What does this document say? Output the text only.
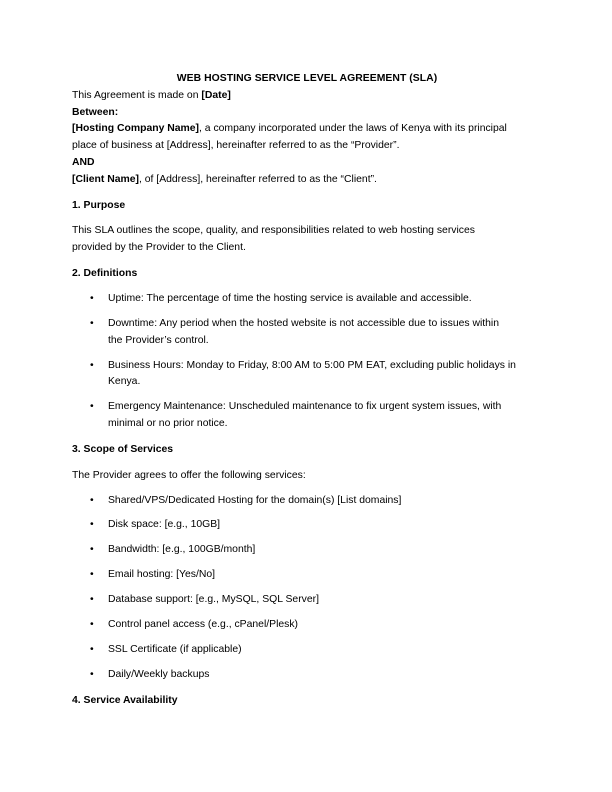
WEB HOSTING SERVICE LEVEL AGREEMENT (SLA)

This Agreement is made on [Date]

Between:

[Hosting Company Name], a company incorporated under the laws of Kenya with its principal
place of business at [Address], hereinafter referred to as the “Provider”.

AND

[Client Name], of [Address], hereinafter referred to as the “Client”.

1. Purpose

This SLA outlines the scope, quality, and responsibilities related to web hosting services
provided by the Provider to the Client.

2. Definitions

• Uptime: The percentage of time the hosting service is available and accessible.
• Downtime: Any period when the hosted website is not accessible due to issues within
the Provider’s control.
• Business Hours: Monday to Friday, 8:00 AM to 5:00 PM EAT, excluding public holidays in
Kenya.
• Emergency Maintenance: Unscheduled maintenance to fix urgent system issues, with
minimal or no prior notice.

3. Scope of Services

The Provider agrees to offer the following services:

• Shared/VPS/Dedicated Hosting for the domain(s) [List domains]
• Disk space: [e.g., 10GB]
• Bandwidth: [e.g., 100GB/month]
• Email hosting: [Yes/No]
• Database support: [e.g., MySQL, SQL Server]
• Control panel access (e.g., cPanel/Plesk)
• SSL Certificate (if applicable)
• Daily/Weekly backups

4. Service Availability
